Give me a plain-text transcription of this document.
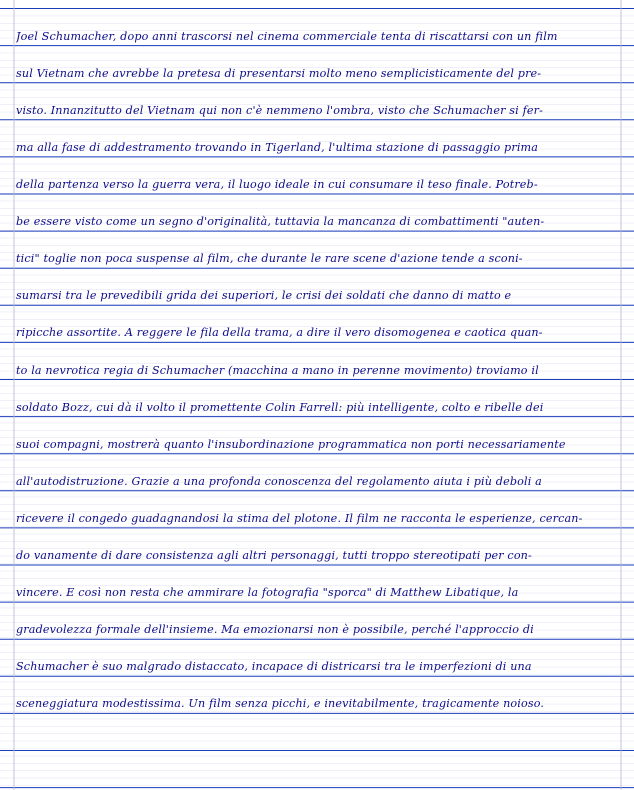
Joel Schumacher, dopo anni trascorsi nel cinema commerciale tenta di riscattarsi con un film
sul Vietnam che avrebbe la pretesa di presentarsi molto meno semplicisticamente del pre-
visto. Innanzitutto del Vietnam qui non c'è nemmeno l'ombra, visto che Schumacher si fer-
ma alla fase di addestramento trovando in Tigerland, l'ultima stazione di passaggio prima
della partenza verso la guerra vera, il luogo ideale in cui consumare il teso finale. Potreb-
be essere visto come un segno d'originalità, tuttavia la mancanza di combattimenti "auten-
tici" toglie non poca suspense al film, che durante le rare scene d'azione tende a sconi-
sumarsi tra le prevedibili grida dei superiori, le crisi dei soldati che danno di matto e
ripicche assortite. A reggere le fila della trama, a dire il vero disomogenea e caotica quan-
to la nevrotica regia di Schumacher (macchina a mano in perenne movimento) troviamo il
soldato Bozz, cui dà il volto il promettente Colin Farrell: più intelligente, colto e ribelle dei
suoi compagni, mostrerà quanto l'insubordinazione programmatica non porti necessariamente
all'autodistruzione. Grazie a una profonda conoscenza del regolamento aiuta i più deboli a
ricevere il congedo guadagnandosi la stima del plotone. Il film ne racconta le esperienze, cercan-
do vanamente di dare consistenza agli altri personaggi, tutti troppo stereotipati per con-
vincere. E così non resta che ammirare la fotografia "sporca" di Matthew Libatique, la
gradevolezza formale dell'insieme. Ma emozionarsi non è possibile, perché l'approccio di
Schumacher è suo malgrado distaccato, incapace di districarsi tra le imperfezioni di una
sceneggiatura modestissima. Un film senza picchi, e inevitabilmente, tragicamente noioso.
